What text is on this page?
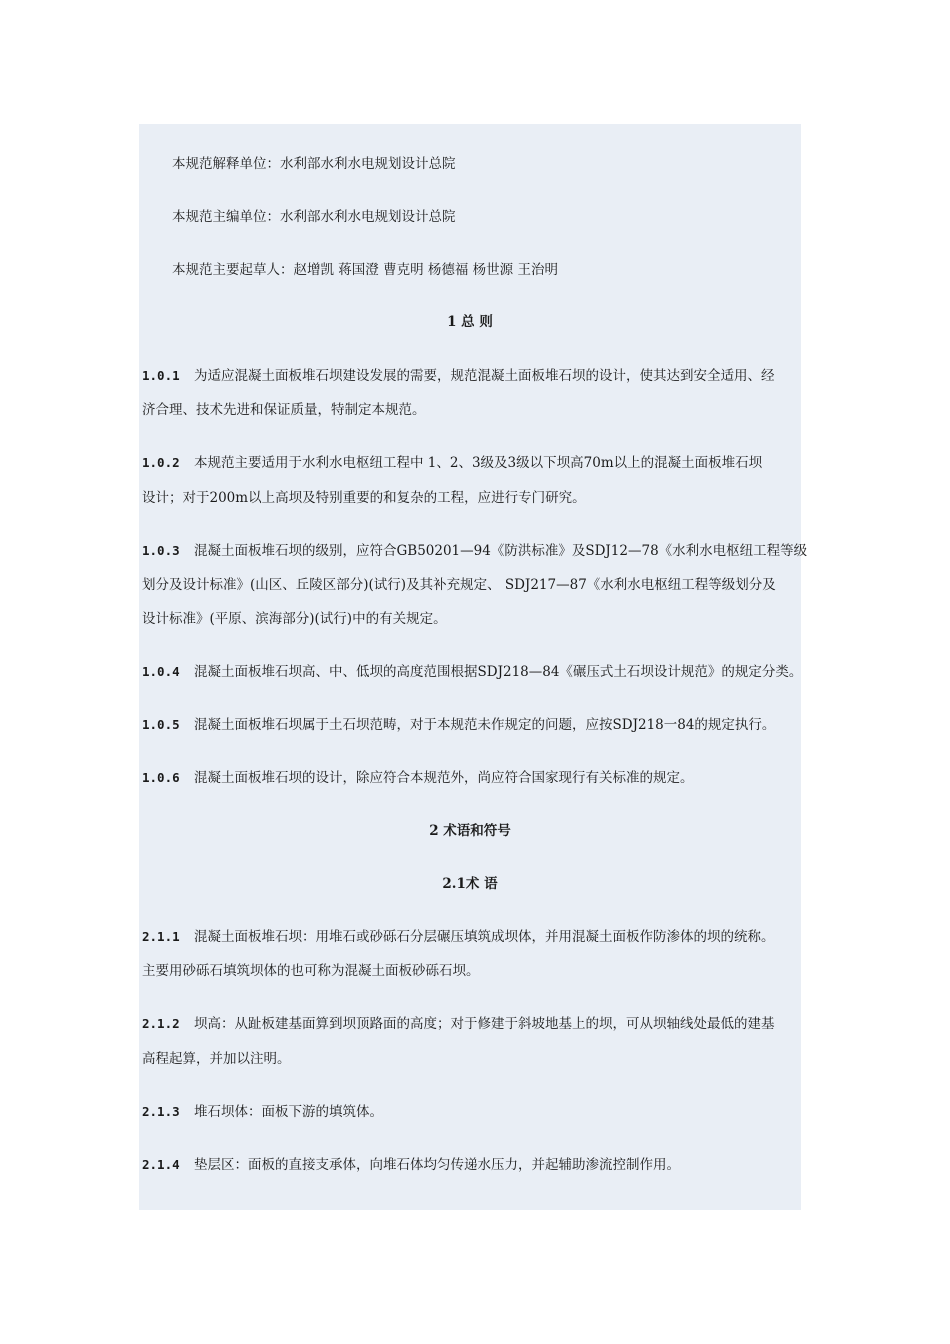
本规范解释单位：水利部水利水电规划设计总院
本规范主编单位：水利部水利水电规划设计总院
本规范主要起草人：赵增凯 蒋国澄 曹克明 杨德福 杨世源 王治明
1 总 则
1.0.1 为适应混凝土面板堆石坝建设发展的需要，规范混凝土面板堆石坝的设计，使其达到安全适用、经
济合理、技术先进和保证质量，特制定本规范。
1.0.2 本规范主要适用于水利水电枢纽工程中 1、2、3级及3级以下坝高70m以上的混凝土面板堆石坝
设计；对于200m以上高坝及特别重要的和复杂的工程，应进行专门研究。
1.0.3 混凝土面板堆石坝的级别，应符合GB50201—94《防洪标准》及SDJ12—78《水利水电枢纽工程等级
划分及设计标准》(山区、丘陵区部分)(试行)及其补充规定、 SDJ217—87《水利水电枢纽工程等级划分及
设计标准》(平原、滨海部分)(试行)中的有关规定。
1.0.4 混凝土面板堆石坝高、中、低坝的高度范围根据SDJ218—84《碾压式土石坝设计规范》的规定分类。
1.0.5 混凝土面板堆石坝属于土石坝范畴，对于本规范未作规定的问题，应按SDJ218一84的规定执行。
1.0.6 混凝土面板堆石坝的设计，除应符合本规范外，尚应符合国家现行有关标准的规定。
2 术语和符号
2.1术 语
2.1.1 混凝土面板堆石坝：用堆石或砂砾石分层碾压填筑成坝体，并用混凝土面板作防渗体的坝的统称。
主要用砂砾石填筑坝体的也可称为混凝土面板砂砾石坝。
2.1.2 坝高：从趾板建基面算到坝顶路面的高度；对于修建于斜坡地基上的坝，可从坝轴线处最低的建基
高程起算，并加以注明。
2.1.3 堆石坝体：面板下游的填筑体。
2.1.4 垫层区：面板的直接支承体，向堆石体均匀传递水压力，并起辅助渗流控制作用。
